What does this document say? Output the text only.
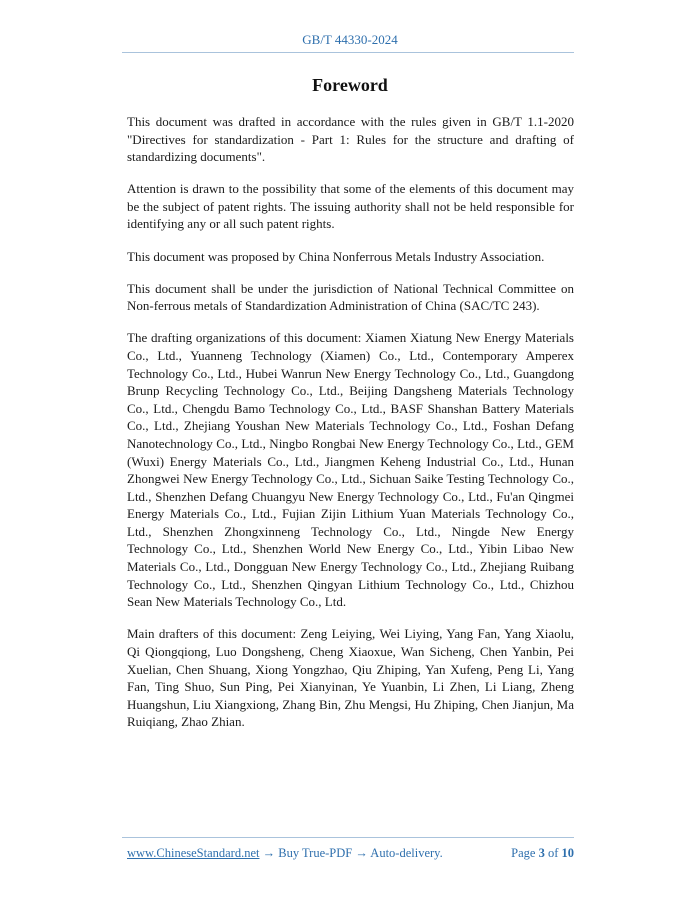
GB/T 44330-2024
Foreword

This document was drafted in accordance with the rules given in GB/T 1.1-2020 "Directives for standardization - Part 1: Rules for the structure and drafting of standardizing documents".

Attention is drawn to the possibility that some of the elements of this document may be the subject of patent rights. The issuing authority shall not be held responsible for identifying any or all such patent rights.

This document was proposed by China Nonferrous Metals Industry Association.

This document shall be under the jurisdiction of National Technical Committee on Non-ferrous metals of Standardization Administration of China (SAC/TC 243).

The drafting organizations of this document: Xiamen Xiatung New Energy Materials Co., Ltd., Yuanneng Technology (Xiamen) Co., Ltd., Contemporary Amperex Technology Co., Ltd., Hubei Wanrun New Energy Technology Co., Ltd., Guangdong Brunp Recycling Technology Co., Ltd., Beijing Dangsheng Materials Technology Co., Ltd., Chengdu Bamo Technology Co., Ltd., BASF Shanshan Battery Materials Co., Ltd., Zhejiang Youshan New Materials Technology Co., Ltd., Foshan Defang Nanotechnology Co., Ltd., Ningbo Rongbai New Energy Technology Co., Ltd., GEM (Wuxi) Energy Materials Co., Ltd., Jiangmen Keheng Industrial Co., Ltd., Hunan Zhongwei New Energy Technology Co., Ltd., Sichuan Saike Testing Technology Co., Ltd., Shenzhen Defang Chuangyu New Energy Technology Co., Ltd., Fu'an Qingmei Energy Materials Co., Ltd., Fujian Zijin Lithium Yuan Materials Technology Co., Ltd., Shenzhen Zhongxinneng Technology Co., Ltd., Ningde New Energy Technology Co., Ltd., Shenzhen World New Energy Co., Ltd., Yibin Libao New Materials Co., Ltd., Dongguan New Energy Technology Co., Ltd., Zhejiang Ruibang Technology Co., Ltd., Shenzhen Qingyan Lithium Technology Co., Ltd., Chizhou Sean New Materials Technology Co., Ltd.

Main drafters of this document: Zeng Leiying, Wei Liying, Yang Fan, Yang Xiaolu, Qi Qiongqiong, Luo Dongsheng, Cheng Xiaoxue, Wan Sicheng, Chen Yanbin, Pei Xuelian, Chen Shuang, Xiong Yongzhao, Qiu Zhiping, Yan Xufeng, Peng Li, Yang Fan, Ting Shuo, Sun Ping, Pei Xianyinan, Ye Yuanbin, Li Zhen, Li Liang, Zheng Huangshun, Liu Xiangxiong, Zhang Bin, Zhu Mengsi, Hu Zhiping, Chen Jianjun, Ma Ruiqiang, Zhao Zhian.

www.ChineseStandard.net → Buy True-PDF → Auto-delivery.	Page 3 of 10
